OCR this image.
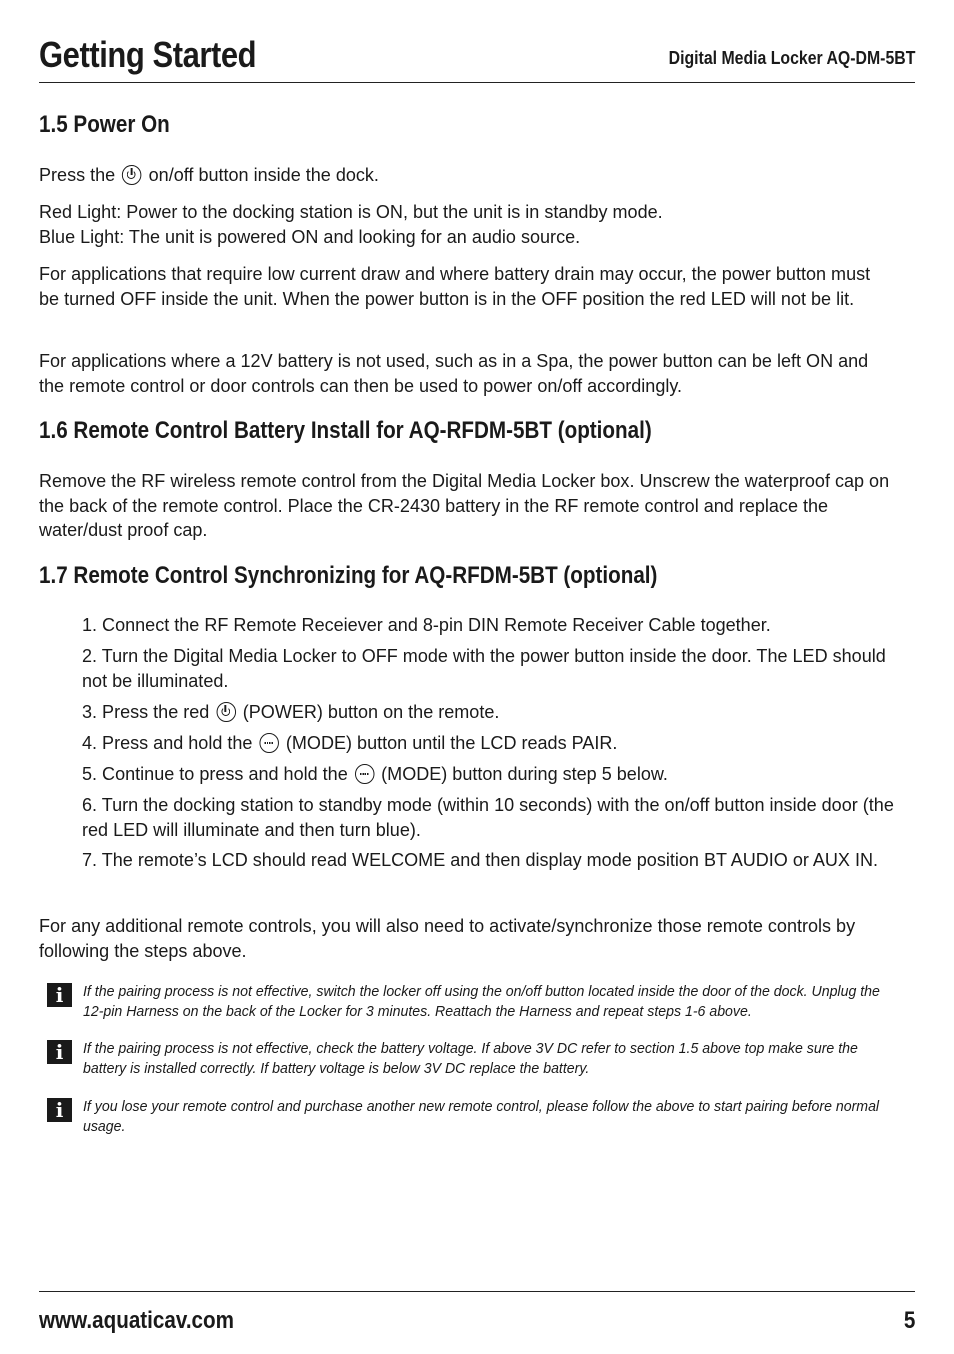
Getting Started	Digital Media Locker AQ-DM-5BT
1.5 Power On

Press the on/off button inside the dock.

Red Light: Power to the docking station is ON, but the unit is in standby mode.
Blue Light: The unit is powered ON and looking for an audio source.

For applications that require low current draw and where battery drain may occur, the power button must be turned OFF inside the unit. When the power button is in the OFF position the red LED will not be lit.

For applications where a 12V battery is not used, such as in a Spa, the power button can be left ON and the remote control or door controls can then be used to power on/off accordingly.

1.6 Remote Control Battery Install for AQ-RFDM-5BT (optional)

Remove the RF wireless remote control from the Digital Media Locker box. Unscrew the waterproof cap on the back of the remote control. Place the CR-2430 battery in the RF remote control and replace the water/dust proof cap.

1.7 Remote Control Synchronizing for AQ-RFDM-5BT (optional)

1. Connect the RF Remote Receiever and 8-pin DIN Remote Receiver Cable together.

2. Turn the Digital Media Locker to OFF mode with the power button inside the door. The LED should not be illuminated.

3. Press the red (POWER) button on the remote.

4. Press and hold the (MODE) button until the LCD reads PAIR.

5. Continue to press and hold the (MODE) button during step 5 below.

6. Turn the docking station to standby mode (within 10 seconds) with the on/off button inside door (the red LED will illuminate and then turn blue).

7. The remote’s LCD should read WELCOME and then display mode position BT AUDIO or AUX IN.

For any additional remote controls, you will also need to activate/synchronize those remote controls by following the steps above.

i	If the pairing process is not effective, switch the locker off using the on/off button located inside the door of the dock. Unplug the 12-pin Harness on the back of the Locker for 3 minutes. Reattach the Harness and repeat steps 1-6 above.

i	If the pairing process is not effective, check the battery voltage. If above 3V DC refer to section 1.5 above top make sure the battery is installed correctly. If battery voltage is below 3V DC replace the battery.

i	If you lose your remote control and purchase another new remote control, please follow the above to start pairing before normal usage.

www.aquaticav.com	5
